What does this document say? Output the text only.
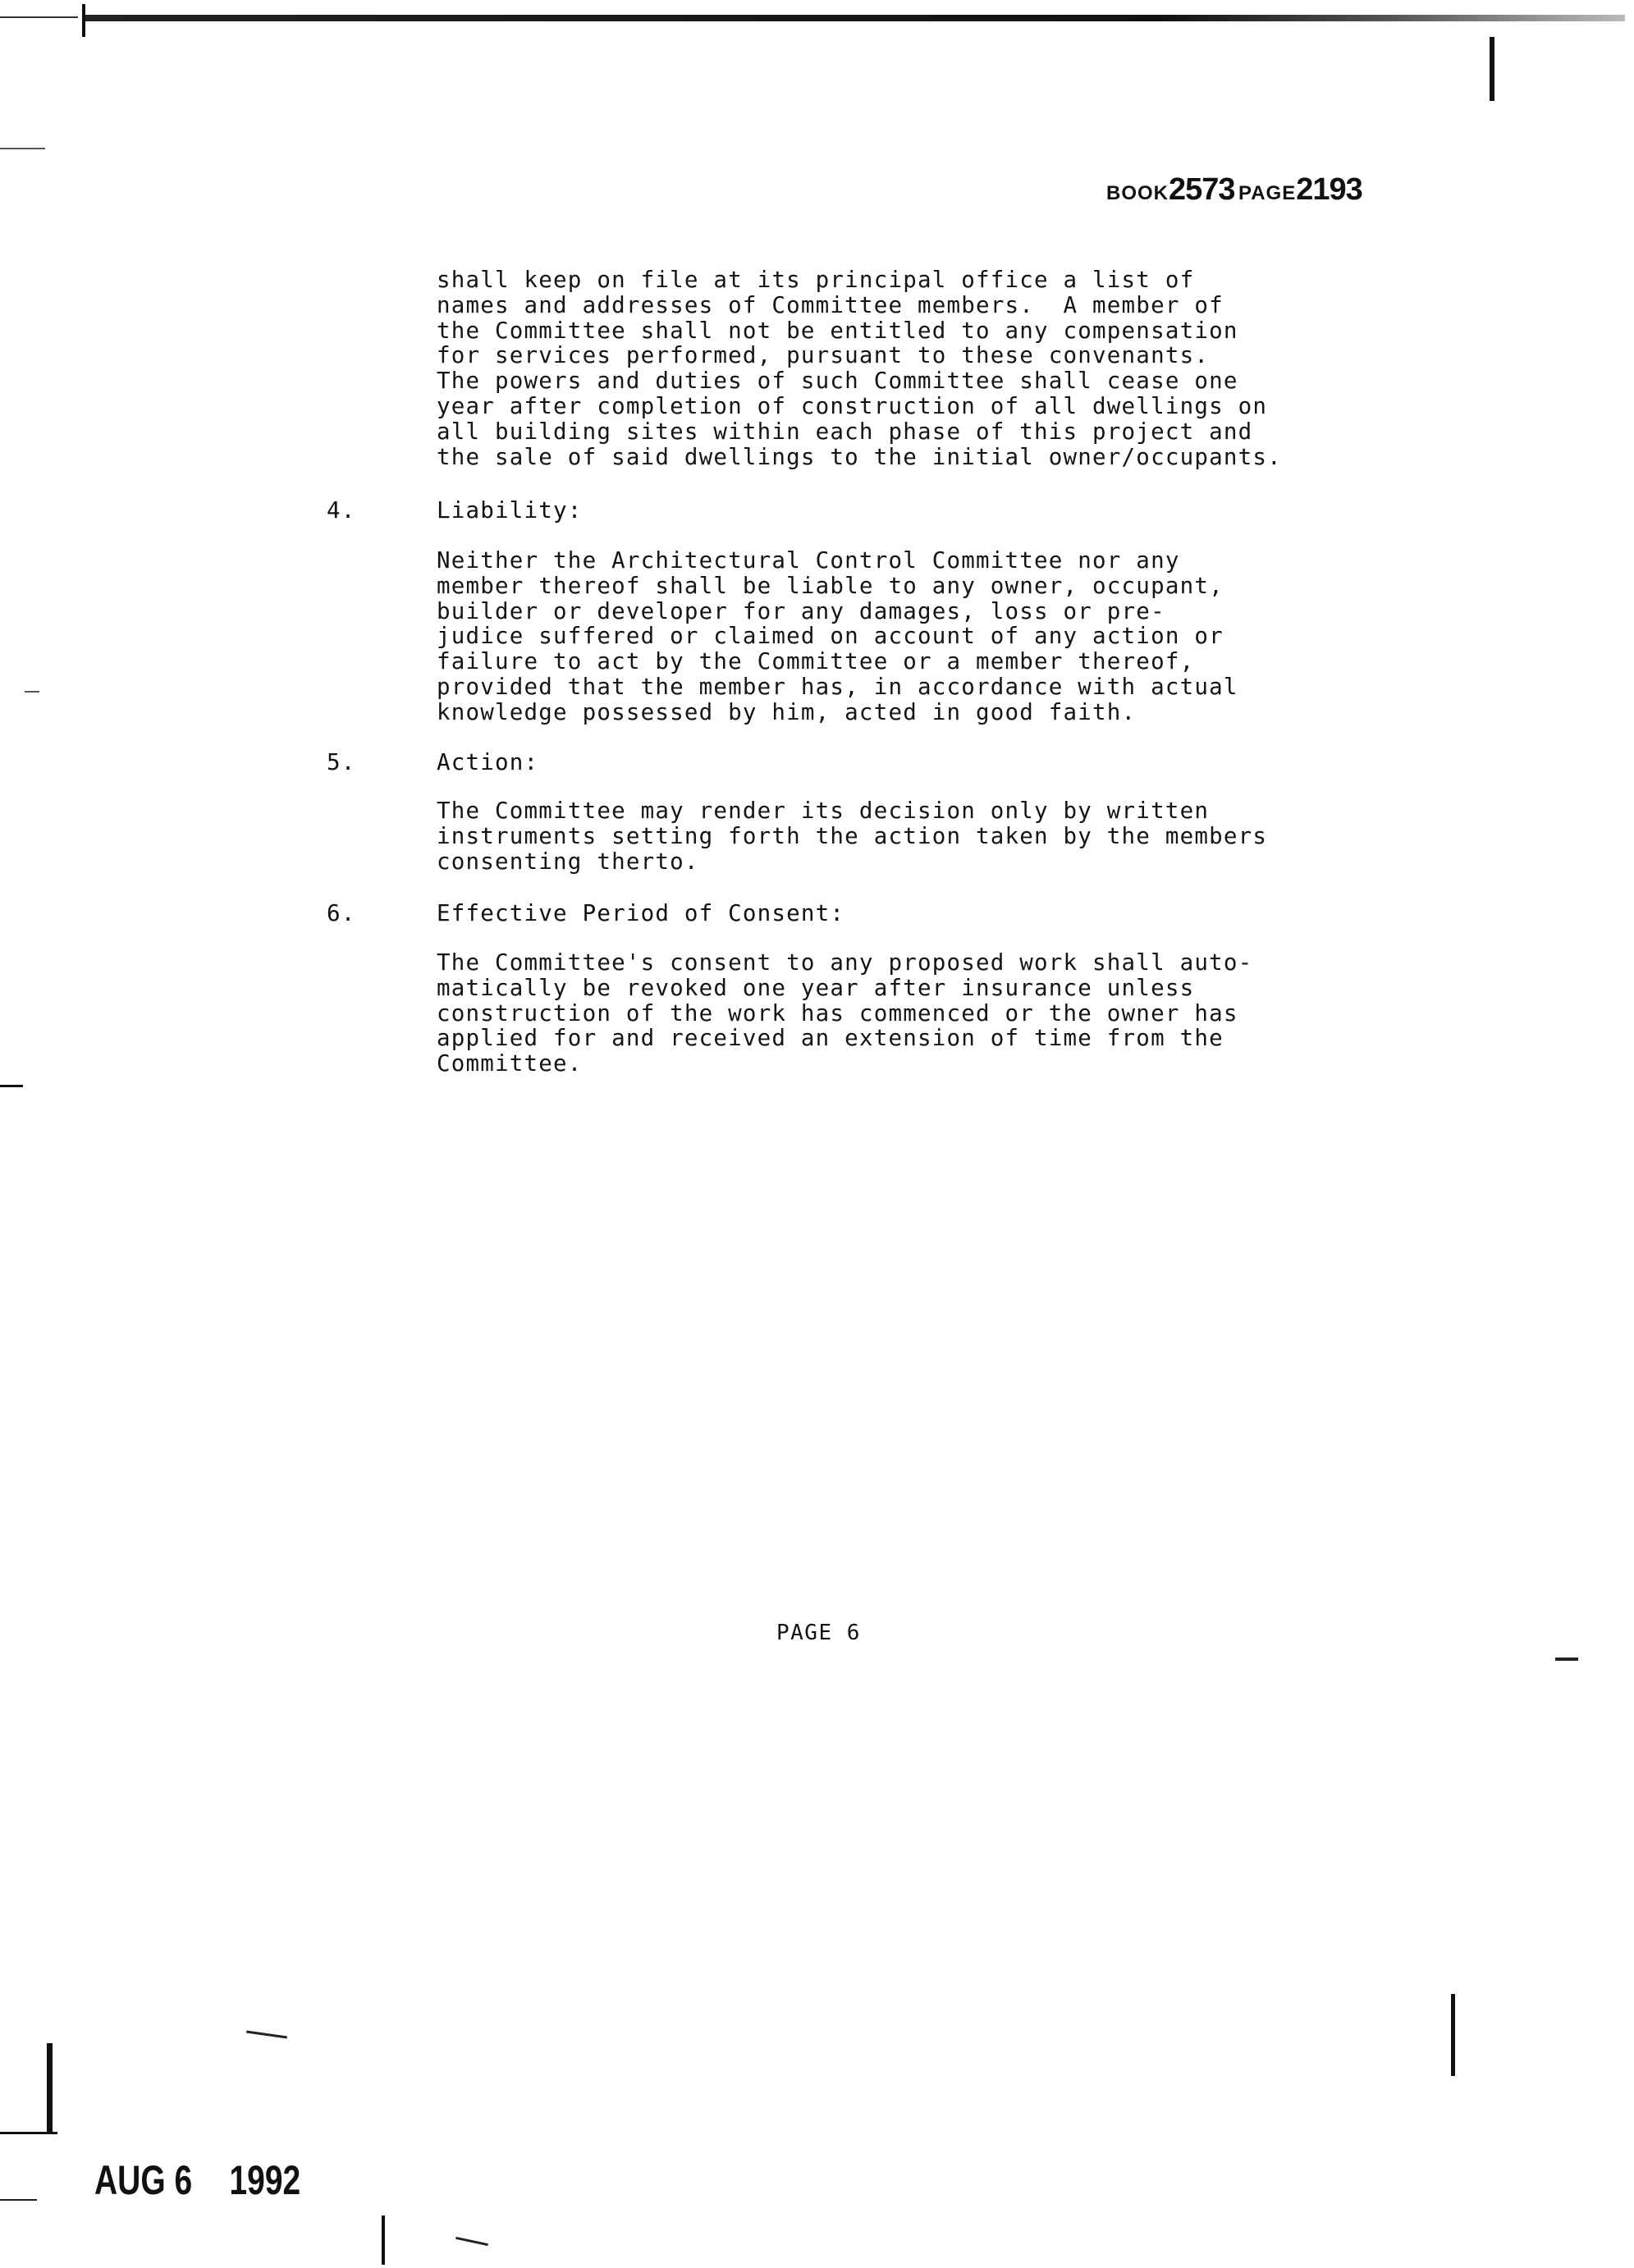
BOOK2573 PAGE2193
shall keep on file at its principal office a list of
names and addresses of Committee members.  A member of
the Committee shall not be entitled to any compensation
for services performed, pursuant to these convenants.
The powers and duties of such Committee shall cease one
year after completion of construction of all dwellings on
all building sites within each phase of this project and
the sale of said dwellings to the initial owner/occupants.
4.	Liability:
Neither the Architectural Control Committee nor any
member thereof shall be liable to any owner, occupant,
builder or developer for any damages, loss or pre-
judice suffered or claimed on account of any action or
failure to act by the Committee or a member thereof,
provided that the member has, in accordance with actual
knowledge possessed by him, acted in good faith.
5.	Action:
The Committee may render its decision only by written
instruments setting forth the action taken by the members
consenting therto.
6.	Effective Period of Consent:
The Committee's consent to any proposed work shall auto-
matically be revoked one year after insurance unless
construction of the work has commenced or the owner has
applied for and received an extension of time from the
Committee.
PAGE 6
AUG 6 1992
